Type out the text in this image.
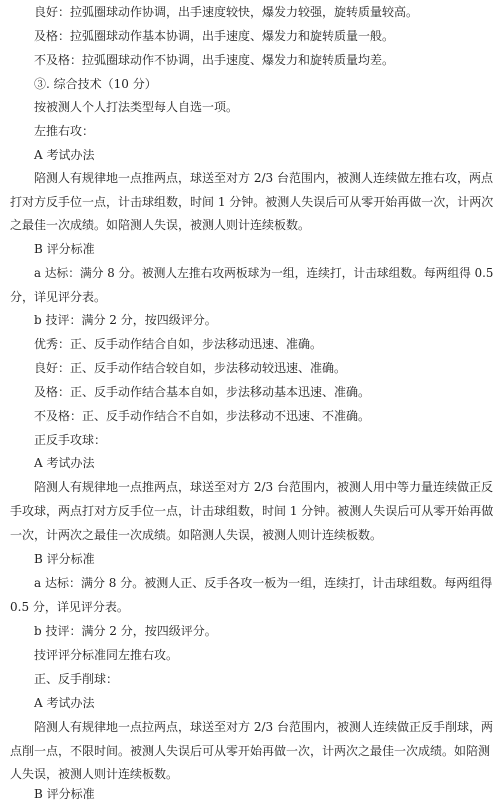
良好：拉弧圈球动作协调，出手速度较快，爆发力较强，旋转质量较高。
及格：拉弧圈球动作基本协调，出手速度、爆发力和旋转质量一般。
不及格：拉弧圈球动作不协调，出手速度、爆发力和旋转质量均差。
③. 综合技术（10 分）
按被测人个人打法类型每人自选一项。
左推右攻：
A 考试办法
陪测人有规律地一点推两点，球送至对方 2/3 台范围内，被测人连续做左推右攻，两点
打对方反手位一点，计击球组数，时间 1 分钟。被测人失误后可从零开始再做一次，计两次
之最佳一次成绩。如陪测人失误，被测人则计连续板数。
B 评分标准
a 达标：满分 8 分。被测人左推右攻两板球为一组，连续打，计击球组数。每两组得 0.5
分，详见评分表。
b 技评：满分 2 分，按四级评分。
优秀：正、反手动作结合自如，步法移动迅速、准确。
良好：正、反手动作结合较自如，步法移动较迅速、准确。
及格：正、反手动作结合基本自如，步法移动基本迅速、准确。
不及格：正、反手动作结合不自如，步法移动不迅速、不准确。
正反手攻球：
A 考试办法
陪测人有规律地一点推两点，球送至对方 2/3 台范围内，被测人用中等力量连续做正反
手攻球，两点打对方反手位一点，计击球组数，时间 1 分钟。被测人失误后可从零开始再做
一次，计两次之最佳一次成绩。如陪测人失误，被测人则计连续板数。
B 评分标准
a 达标：满分 8 分。被测人正、反手各攻一板为一组，连续打，计击球组数。每两组得
0.5 分，详见评分表。
b 技评：满分 2 分，按四级评分。
技评评分标准同左推右攻。
正、反手削球：
A 考试办法
陪测人有规律地一点拉两点，球送至对方 2/3 台范围内，被测人连续做正反手削球，两
点削一点，不限时间。被测人失误后可从零开始再做一次，计两次之最佳一次成绩。如陪测
人失误，被测人则计连续板数。
B 评分标准
